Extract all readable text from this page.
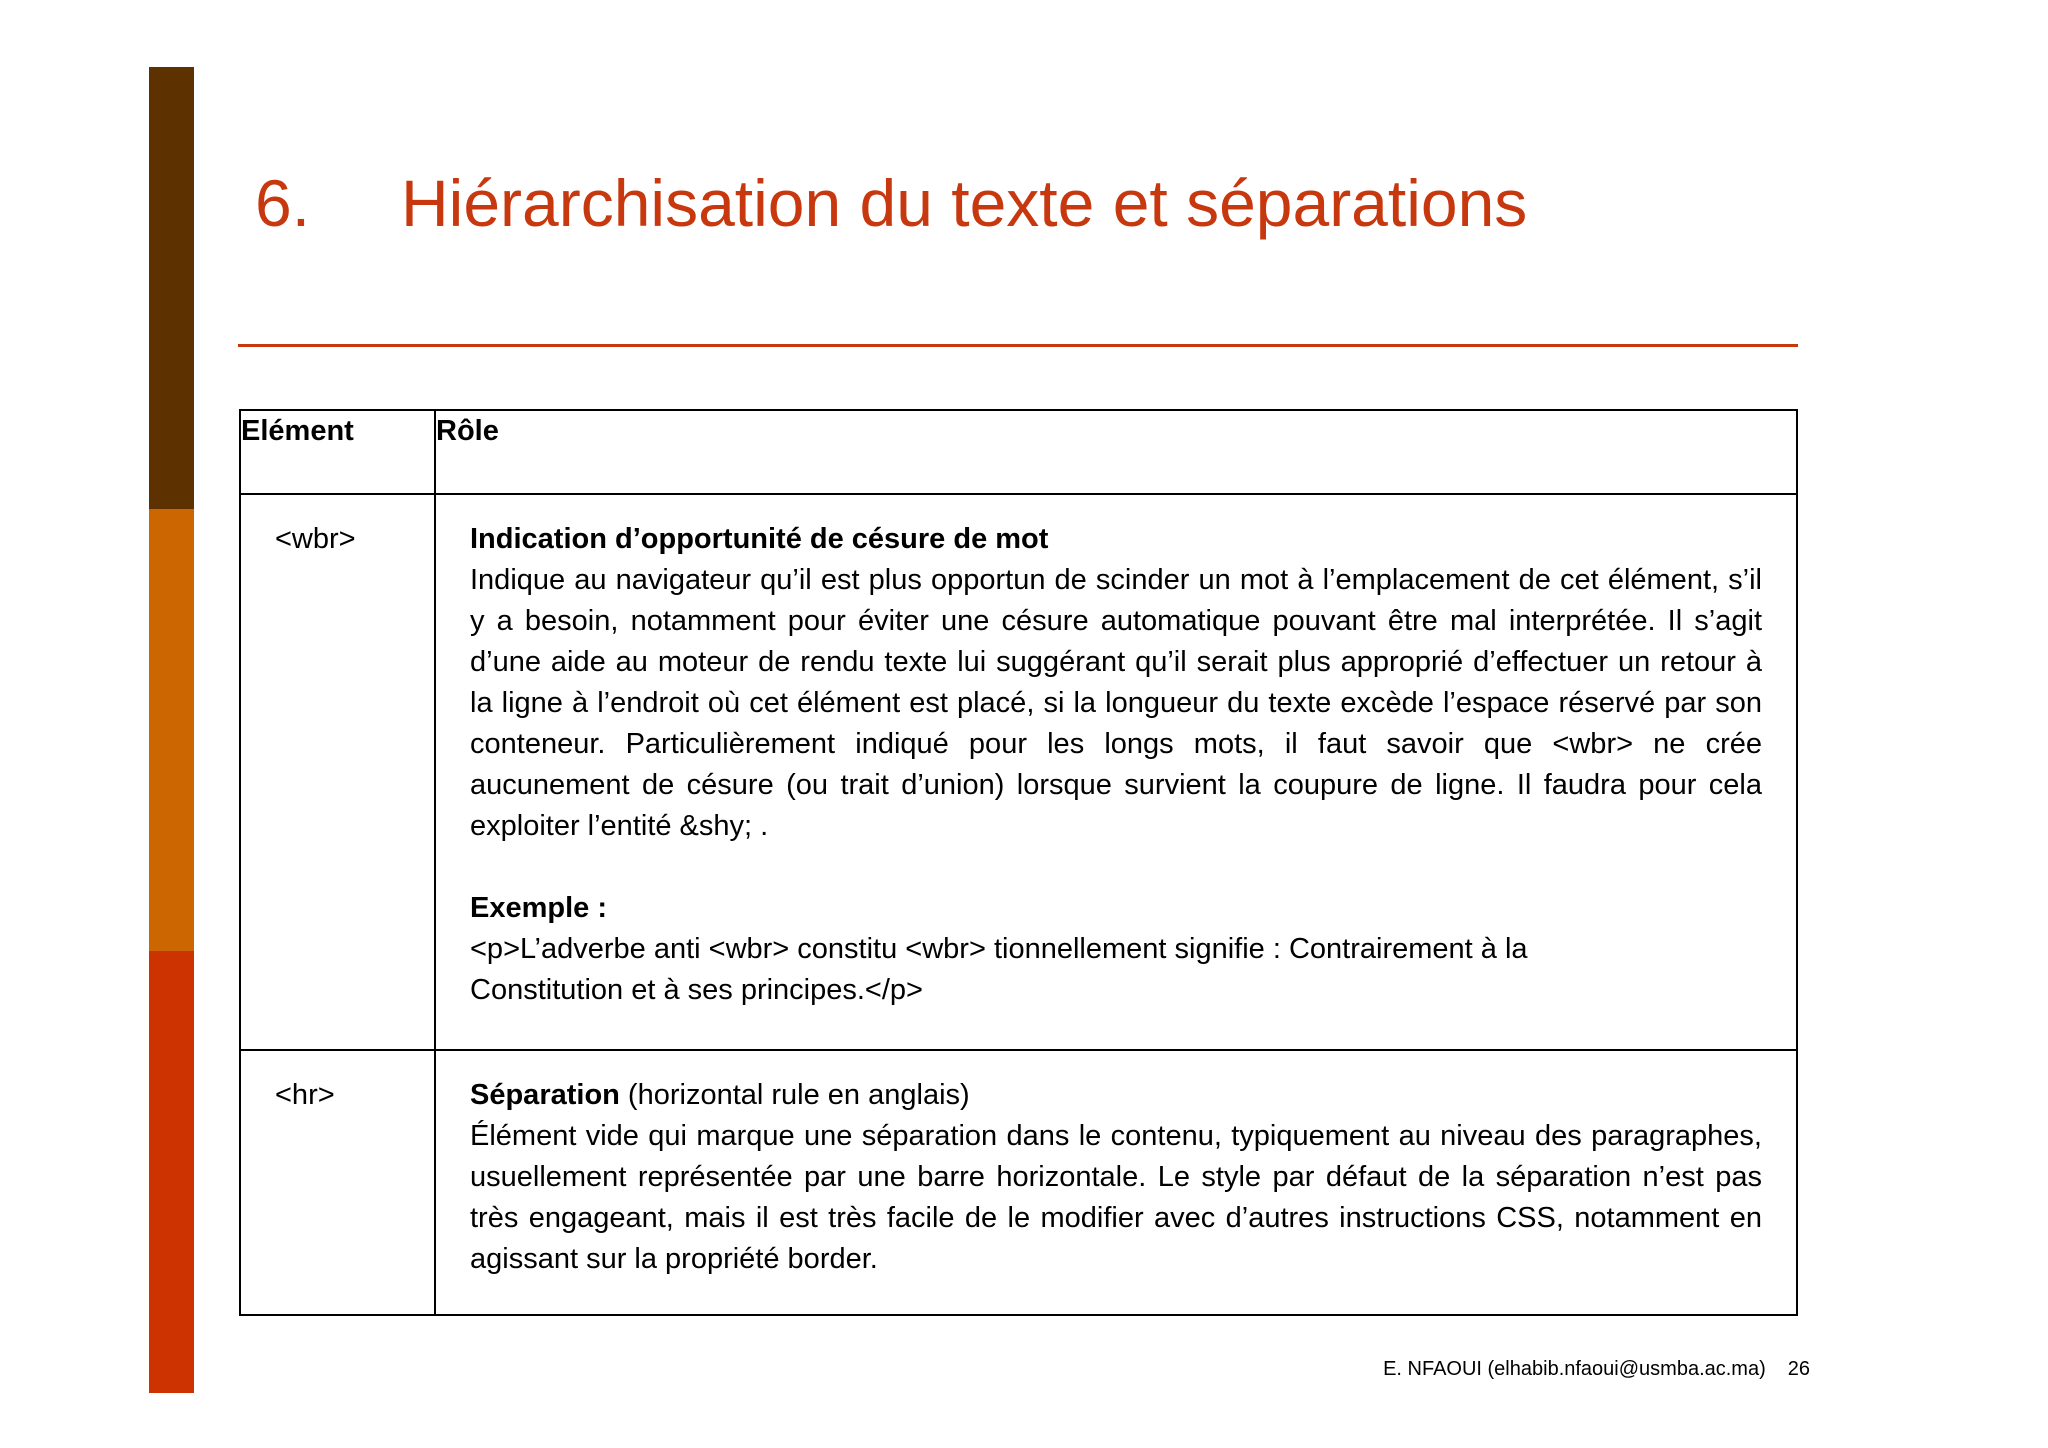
6. Hiérarchisation du texte et séparations
Elément	Rôle

<wbr>	Indication d’opportunité de césure de mot

Indique au navigateur qu’il est plus opportun de scinder un mot à l’emplacement de cet élément, s’il y a besoin, notamment pour éviter une césure automatique pouvant être mal interprétée. Il s’agit d’une aide au moteur de rendu texte lui suggérant qu’il serait plus approprié d’effectuer un retour à la ligne à l’endroit où cet élément est placé, si la longueur du texte excède l’espace réservé par son conteneur. Particulièrement indiqué pour les longs mots, il faut savoir que <wbr> ne crée aucunement de césure (ou trait d’union) lorsque survient la coupure de ligne. Il faudra pour cela exploiter l’entité &shy; .

Exemple :
<p>L’adverbe anti <wbr> constitu <wbr> tionnellement signifie : Contrairement à la
Constitution et à ses principes.</p>

<hr>	Séparation (horizontal rule en anglais)

Élément vide qui marque une séparation dans le contenu, typiquement au niveau des paragraphes, usuellement représentée par une barre horizontale. Le style par défaut de la séparation n’est pas très engageant, mais il est très facile de le modifier avec d’autres instructions CSS, notamment en agissant sur la propriété border.

E. NFAOUI (elhabib.nfaoui@usmba.ac.ma) 26
